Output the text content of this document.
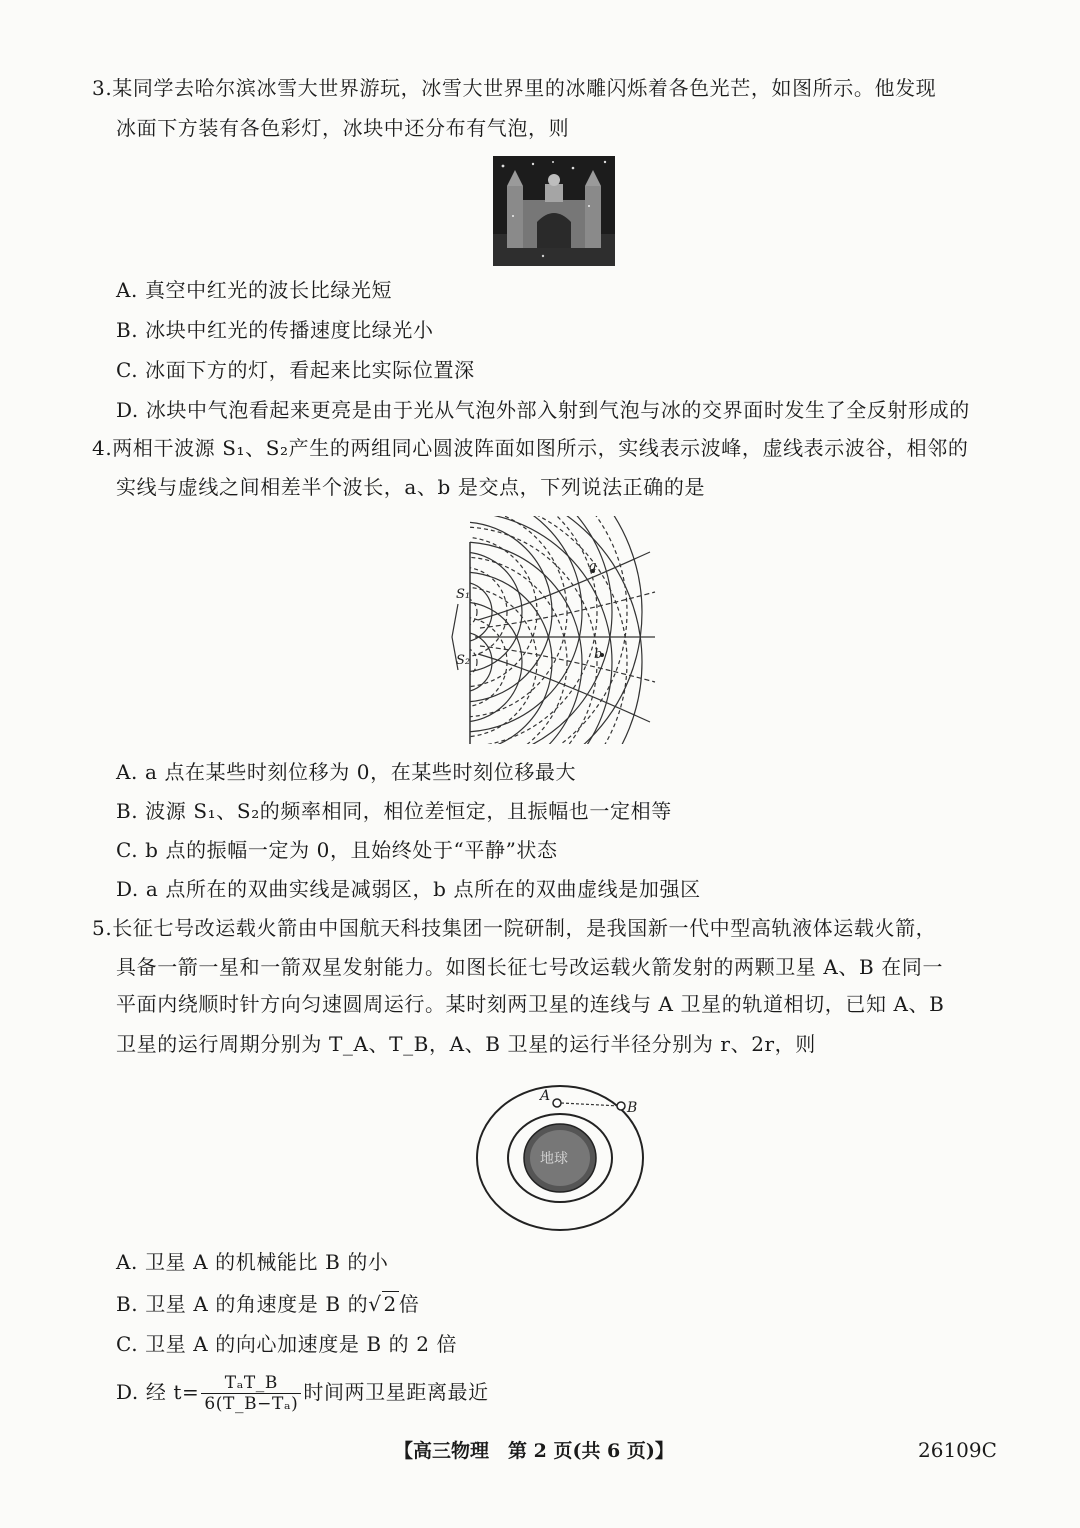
3.某同学去哈尔滨冰雪大世界游玩，冰雪大世界里的冰雕闪烁着各色光芒，如图所示。他发现
冰面下方装有各色彩灯，冰块中还分布有气泡，则
A. 真空中红光的波长比绿光短
B. 冰块中红光的传播速度比绿光小
C. 冰面下方的灯，看起来比实际位置深
D. 冰块中气泡看起来更亮是由于光从气泡外部入射到气泡与冰的交界面时发生了全反射形成的
4.两相干波源 S₁、S₂产生的两组同心圆波阵面如图所示，实线表示波峰，虚线表示波谷，相邻的
实线与虚线之间相差半个波长，a、b 是交点，下列说法正确的是
S₁
S₂
a
b
A. a 点在某些时刻位移为 0，在某些时刻位移最大
B. 波源 S₁、S₂的频率相同，相位差恒定，且振幅也一定相等
C. b 点的振幅一定为 0，且始终处于“平静”状态
D. a 点所在的双曲实线是减弱区，b 点所在的双曲虚线是加强区
5.长征七号改运载火箭由中国航天科技集团一院研制，是我国新一代中型高轨液体运载火箭，
具备一箭一星和一箭双星发射能力。如图长征七号改运载火箭发射的两颗卫星 A、B 在同一
平面内绕顺时针方向匀速圆周运行。某时刻两卫星的连线与 A 卫星的轨道相切，已知 A、B
卫星的运行周期分别为 T_A、T_B，A、B 卫星的运行半径分别为 r、2r，则
地球
A
B
A. 卫星 A 的机械能比 B 的小
B. 卫星 A 的角速度是 B 的√ 2 倍
C. 卫星 A 的向心加速度是 B 的 2 倍
D. 经 $t= \frac{\text{TₐT\_B}}{\text{6(T\_B−Tₐ)}}$ 时间两卫星距离最近
【高三物理　第 2 页(共 6 页)】	26109C
